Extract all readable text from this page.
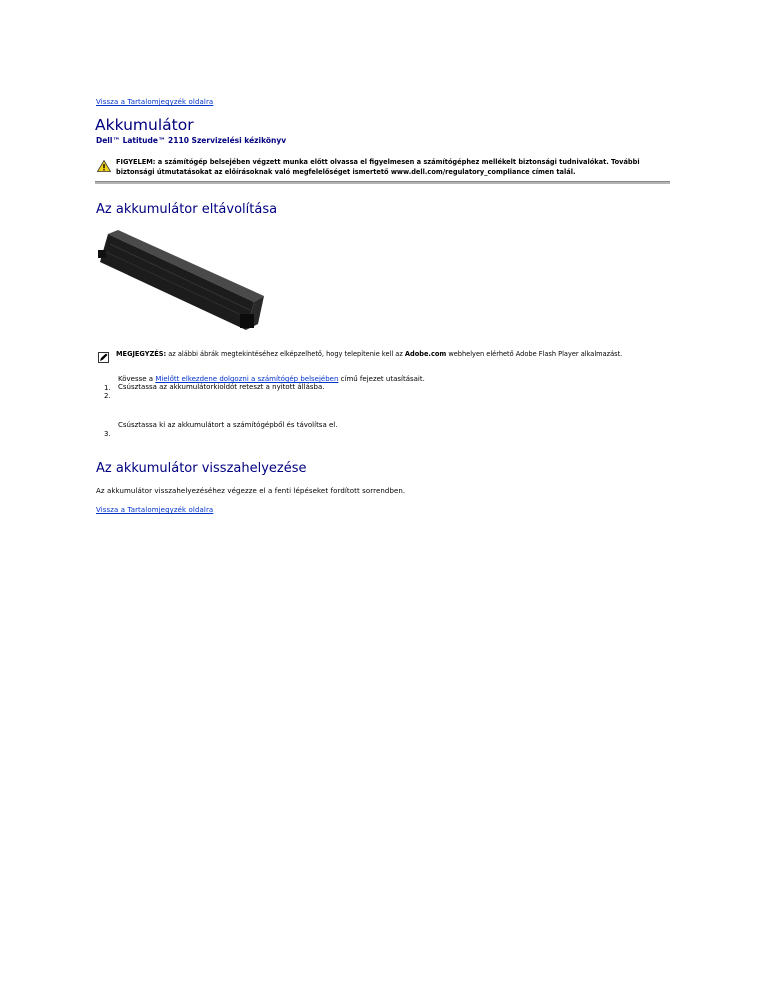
Vissza a Tartalomjegyzék oldalra
Akkumulátor
Dell™ Latitude™ 2110 Szervizelési kézikönyv
FIGYELEM: a számítógép belsejében végzett munka előtt olvassa el figyelmesen a számítógéphez mellékelt biztonsági tudnivalókat. További biztonsági útmutatásokat az előírásoknak való megfelelőséget ismertető www.dell.com/regulatory_compliance címen talál.
Az akkumulátor eltávolítása
MEGJEGYZÉS: az alábbi ábrák megtekintéséhez elképzelhető, hogy telepítenie kell az Adobe.com webhelyen elérhető Adobe Flash Player alkalmazást.
1.
Kövesse a Mielőtt elkezdene dolgozni a számítógép belsejében című fejezet utasításait.
2.
Csúsztassa az akkumulátorkioldót reteszt a nyitott állásba.
3.
Csúsztassa ki az akkumulátort a számítógépből és távolítsa el.
Az akkumulátor visszahelyezése
Az akkumulátor visszahelyezéséhez végezze el a fenti lépéseket fordított sorrendben.
Vissza a Tartalomjegyzék oldalra
